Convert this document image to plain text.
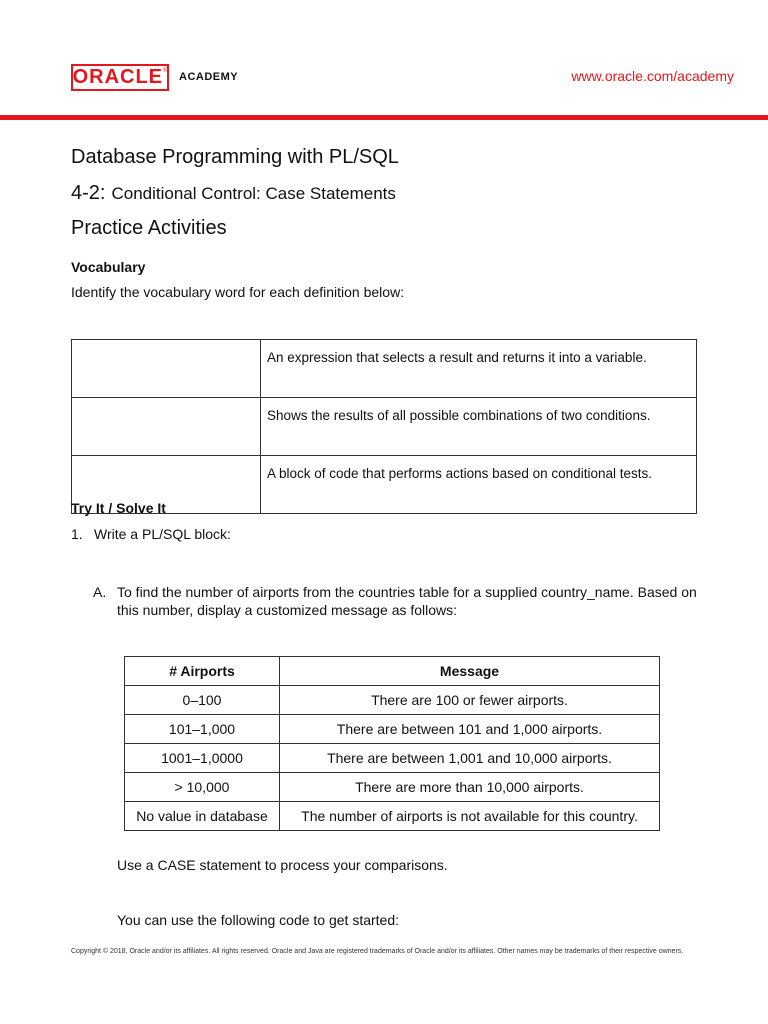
ORACLE ® ACADEMY	www.oracle.com/academy
Database Programming with PL/SQL
4-2: Conditional Control: Case Statements
Practice Activities
Vocabulary
Identify the vocabulary word for each definition below:
	An expression that selects a result and returns it into a variable.
	Shows the results of all possible combinations of two conditions.
	A block of code that performs actions based on conditional tests.
Try It / Solve It
1. Write a PL/SQL block:
A. To find the number of airports from the countries table for a supplied country_name. Based on this number, display a customized message as follows:
# Airports	Message
0–100	There are 100 or fewer airports.
101–1,000	There are between 101 and 1,000 airports.
1001–1,0000	There are between 1,001 and 10,000 airports.
> 10,000	There are more than 10,000 airports.
No value in database	The number of airports is not available for this country.
Use a CASE statement to process your comparisons.
You can use the following code to get started:
Copyright © 2018, Oracle and/or its affiliates. All rights reserved. Oracle and Java are registered trademarks of Oracle and/or its affiliates. Other names may be trademarks of their respective owners.
